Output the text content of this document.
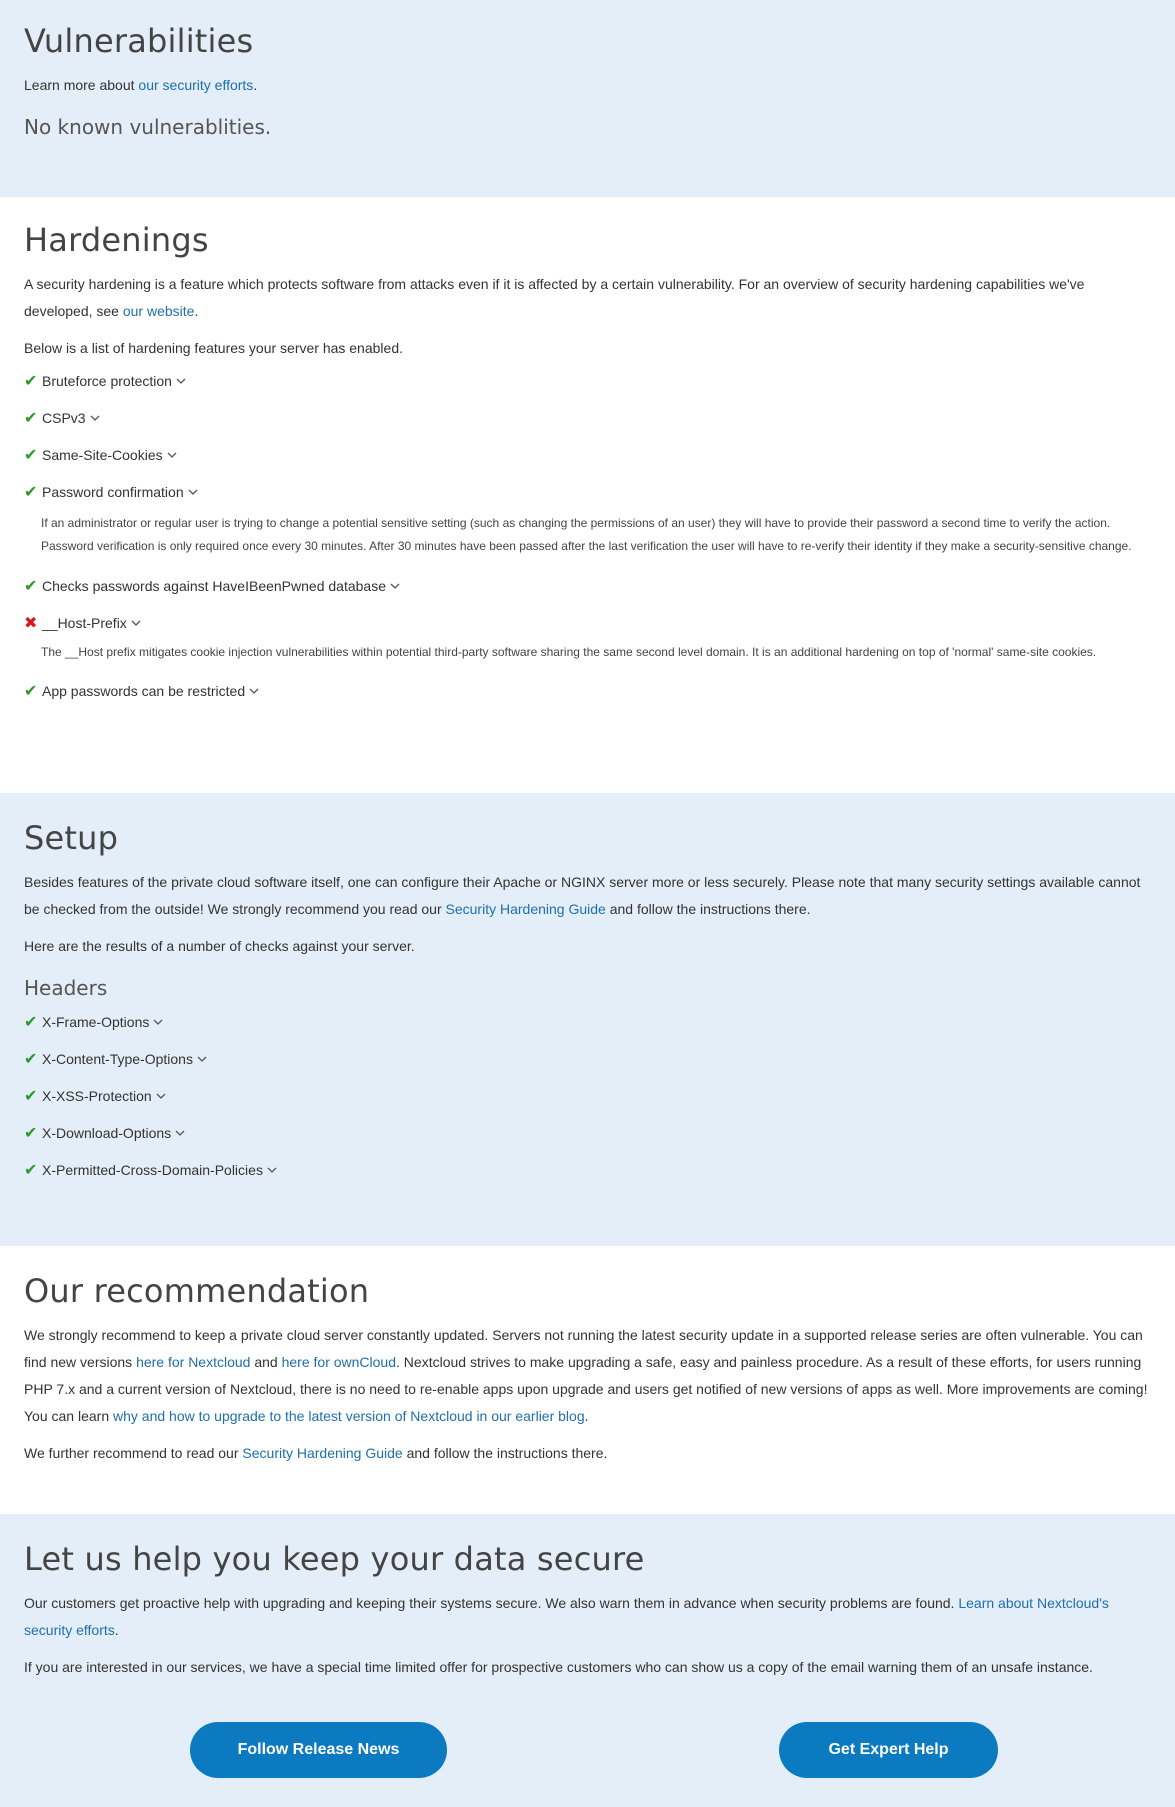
Vulnerabilities

Learn more about our security efforts.

No known vulnerablities.
Hardenings

A security hardening is a feature which protects software from attacks even if it is affected by a certain vulnerability. For an overview of security hardening capabilities we've developed, see our website.

Below is a list of hardening features your server has enabled.

✔ Bruteforce protection
✔ CSPv3
✔ Same-Site-Cookies
✔ Password confirmation
If an administrator or regular user is trying to change a potential sensitive setting (such as changing the permissions of an user) they will have to provide their password a second time to verify the action. Password verification is only required once every 30 minutes. After 30 minutes have been passed after the last verification the user will have to re-verify their identity if they make a security-sensitive change.
✔ Checks passwords against HaveIBeenPwned database
✖ __Host-Prefix
The __Host prefix mitigates cookie injection vulnerabilities within potential third-party software sharing the same second level domain. It is an additional hardening on top of 'normal' same-site cookies.
✔ App passwords can be restricted
Setup

Besides features of the private cloud software itself, one can configure their Apache or NGINX server more or less securely. Please note that many security settings available cannot be checked from the outside! We strongly recommend you read our Security Hardening Guide and follow the instructions there.

Here are the results of a number of checks against your server.

Headers
✔ X-Frame-Options
✔ X-Content-Type-Options
✔ X-XSS-Protection
✔ X-Download-Options
✔ X-Permitted-Cross-Domain-Policies
Our recommendation

We strongly recommend to keep a private cloud server constantly updated. Servers not running the latest security update in a supported release series are often vulnerable. You can find new versions here for Nextcloud and here for ownCloud. Nextcloud strives to make upgrading a safe, easy and painless procedure. As a result of these efforts, for users running PHP 7.x and a current version of Nextcloud, there is no need to re-enable apps upon upgrade and users get notified of new versions of apps as well. More improvements are coming! You can learn why and how to upgrade to the latest version of Nextcloud in our earlier blog.

We further recommend to read our Security Hardening Guide and follow the instructions there.

Let us help you keep your data secure

Our customers get proactive help with upgrading and keeping their systems secure. We also warn them in advance when security problems are found. Learn about Nextcloud's security efforts.

If you are interested in our services, we have a special time limited offer for prospective customers who can show us a copy of the email warning them of an unsafe instance.

Follow Release News	Get Expert Help
